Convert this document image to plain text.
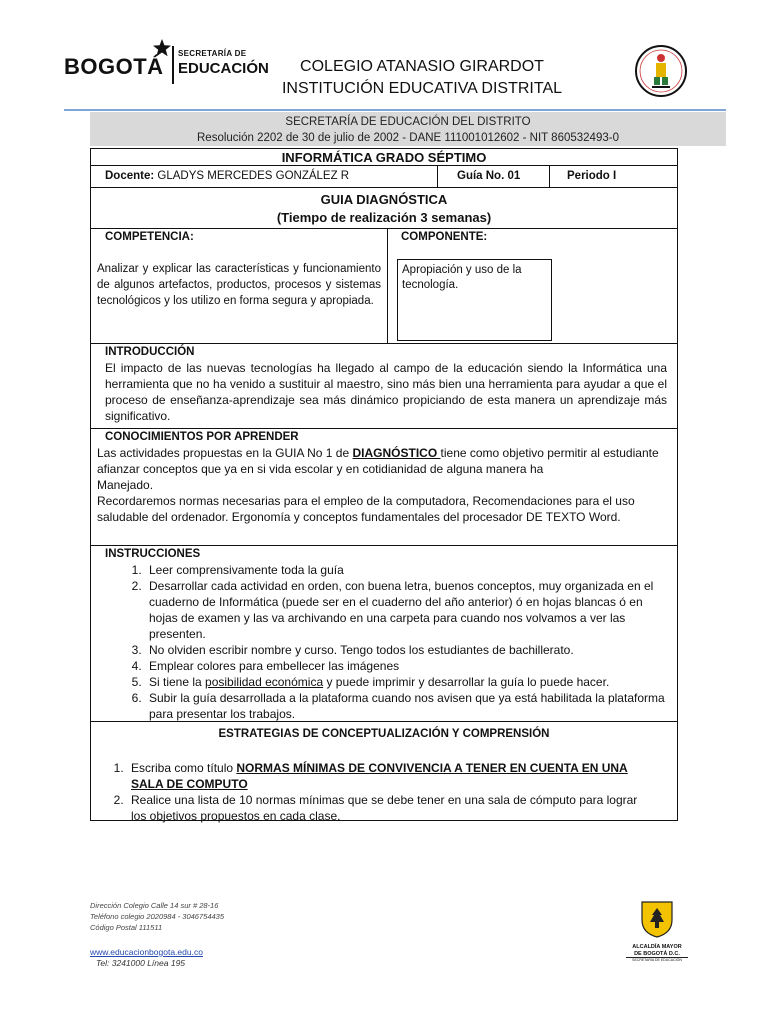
BOGOTÁ
SECRETARÍA DE
EDUCACIÓN	COLEGIO ATANASIO GIRARDOT
INSTITUCIÓN EDUCATIVA DISTRITAL
SECRETARÍA DE EDUCACIÓN DEL DISTRITO
Resolución 2202 de 30 de julio de 2002 - DANE 111001012602 - NIT 860532493-0
INFORMÁTICA GRADO SÉPTIMO
Docente: GLADYS MERCEDES GONZÁLEZ R	Guía No. 01	Periodo I
GUIA DIAGNÓSTICA
(Tiempo de realización 3 semanas)
COMPETENCIA:
Analizar y explicar las características y funcionamiento de algunos artefactos, productos, procesos y sistemas tecnológicos y los utilizo en forma segura y apropiada.
COMPONENTE:
Apropiación y uso de la tecnología.
INTRODUCCIÓN
El impacto de las nuevas tecnologías ha llegado al campo de la educación siendo la Informática una herramienta que no ha venido a sustituir al maestro, sino más bien una herramienta para ayudar a que el proceso de enseñanza-aprendizaje sea más dinámico propiciando de esta manera un aprendizaje más significativo.
CONOCIMIENTOS POR APRENDER
Las actividades propuestas en la GUIA No 1 de DIAGNÓSTICO tiene como objetivo permitir al estudiante afianzar conceptos que ya en si vida escolar y en cotidianidad de alguna manera ha
Manejado.
Recordaremos normas necesarias para el empleo de la computadora, Recomendaciones para el uso saludable del ordenador. Ergonomía y conceptos fundamentales del procesador DE TEXTO Word.
INSTRUCCIONES
1. Leer comprensivamente toda la guía
2. Desarrollar cada actividad en orden, con buena letra, buenos conceptos, muy organizada en el cuaderno de Informática (puede ser en el cuaderno del año anterior) ó en hojas blancas ó en hojas de examen y las va archivando en una carpeta para cuando nos volvamos a ver las presenten.
3. No olviden escribir nombre y curso. Tengo todos los estudiantes de bachillerato.
4. Emplear colores para embellecer las imágenes
5. Si tiene la posibilidad económica y puede imprimir y desarrollar la guía lo puede hacer.
6. Subir la guía desarrollada a la plataforma cuando nos avisen que ya está habilitada la plataforma para presentar los trabajos.
ESTRATEGIAS DE CONCEPTUALIZACIÓN Y COMPRENSIÓN
1. Escriba como título NORMAS MÍNIMAS DE CONVIVENCIA A TENER EN CUENTA EN UNA SALA DE COMPUTO
2. Realice una lista de 10 normas mínimas que se debe tener en una sala de cómputo para lograr los objetivos propuestos en cada clase.
Dirección Colegio Calle 14 sur # 28-16
Teléfono colegio 2020984 - 3046754435
Código Postal 111511
www.educacionbogota.edu.co
Tel: 3241000 Línea 195
ALCALDÍA MAYOR
DE BOGOTÁ D.C.
SECRETARÍA DE EDUCACIÓN
